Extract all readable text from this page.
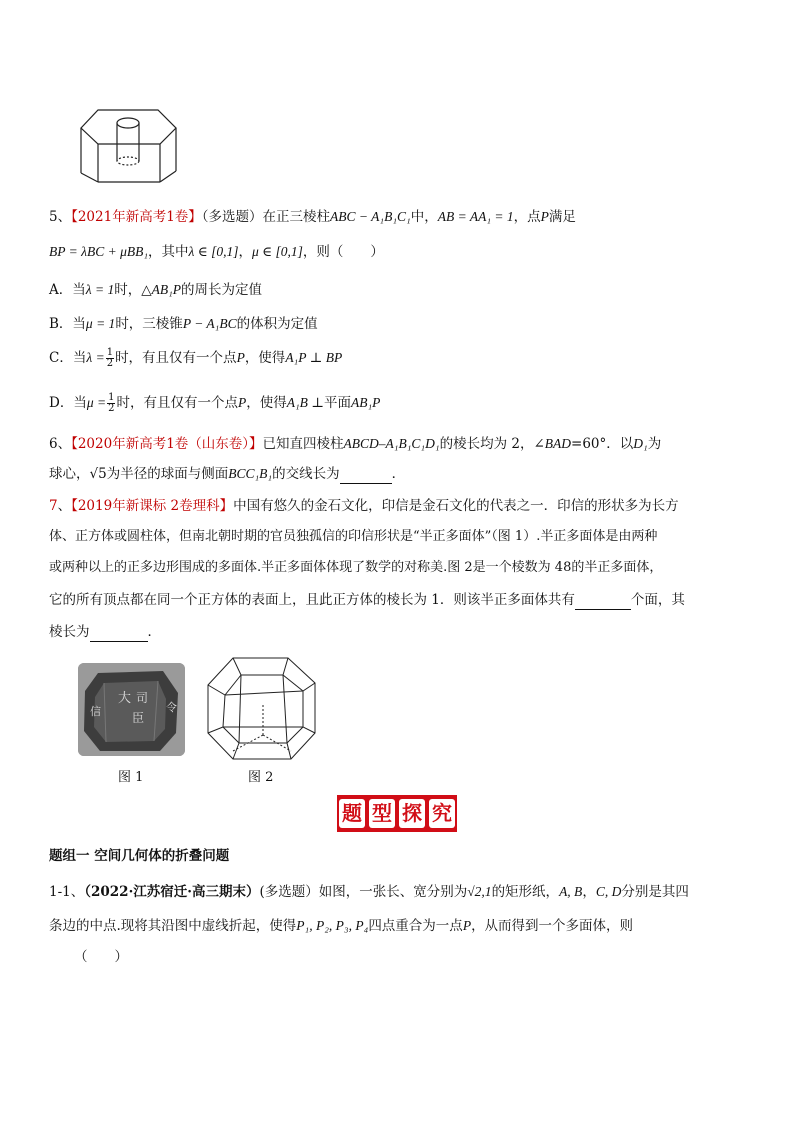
5、【2021年新高考1卷】（多选题）在正三棱柱ABC − A₁B₁C₁中，AB = AA₁ = 1，点P满足
BP = λBC + μBB₁，其中λ ∈ [0,1]，μ ∈ [0,1]，则（　　）
A．当λ = 1时，△AB₁P的周长为定值
B．当μ = 1时，三棱锥P − A₁BC的体积为定值
C．当$\lambda = \frac{1}{2}$ 时，有且仅有一个点P，使得A₁P ⊥ BP
D．当$\mu = \frac{1}{2}$ 时，有且仅有一个点P，使得A₁B ⊥平面AB₁P
6、【2020年新高考1卷（山东卷）】已知直四棱柱ABCD–A₁B₁C₁D₁的棱长均为 2，∠BAD=60°．以D₁为
球心，√5为半径的球面与侧面BCC₁B₁的交线长为	．
7、【2019年新课标 2卷理科】中国有悠久的金石文化，印信是金石文化的代表之一．印信的形状多为长方
体、正方体或圆柱体，但南北朝时期的官员独孤信的印信形状是“半正多面体”（图 1）.半正多面体是由两种
或两种以上的正多边形围成的多面体.半正多面体体现了数学的对称美.图 2是一个棱数为 48的半正多面体，
它的所有顶点都在同一个正方体的表面上，且此正方体的棱长为 1．则该半正多面体共有	个面，其
棱长为	．
大 司
令
信	臣
图 1	图 2
题 型 探 究
题组一 空间几何体的折叠问题
1-1、（2022·江苏宿迁·高三期末）(多选题）如图，一张长、宽分别为√2,1的矩形纸，A, B，C, D分别是其四
条边的中点.现将其沿图中虚线折起，使得P₁, P₂, P₃, P₄四点重合为一点P，从而得到一个多面体，则
（　　）
